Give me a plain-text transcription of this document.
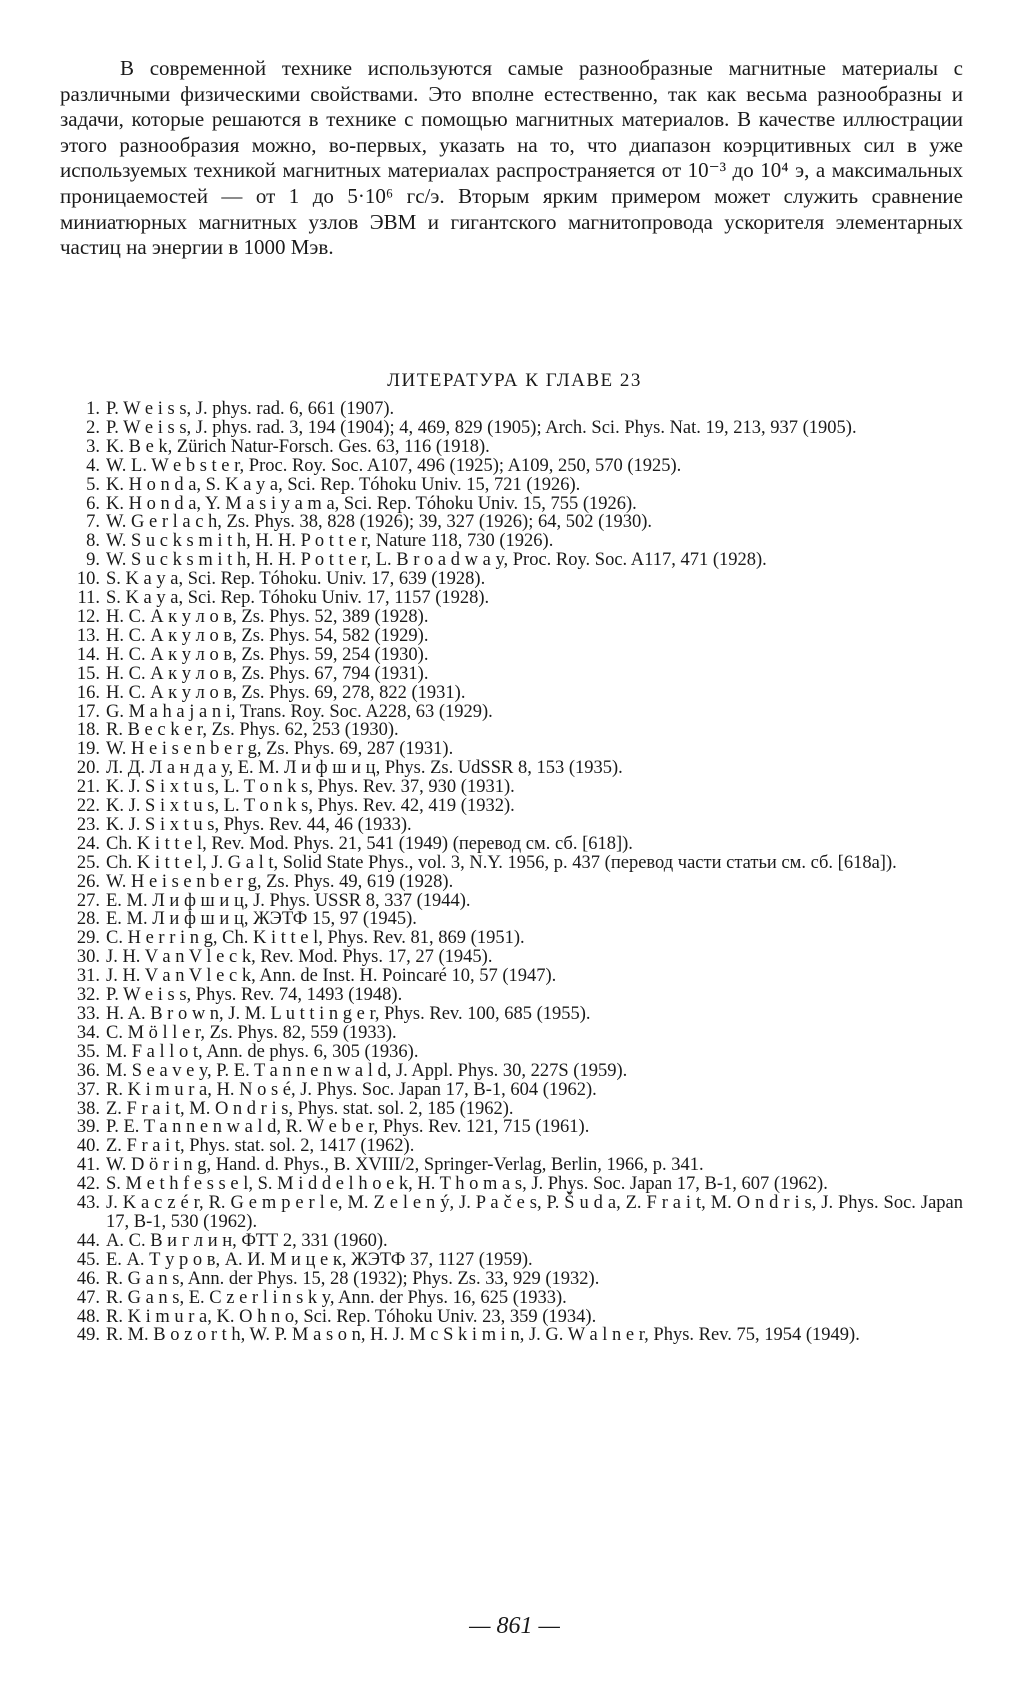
В современной технике используются самые разнообразные магнитные материалы с различными физическими свойствами. Это вполне естественно, так как весьма разнообразны и задачи, которые решаются в технике с помощью магнитных материалов. В качестве иллюстрации этого разнообразия можно, во-первых, указать на то, что диапазон коэрцитивных сил в уже используемых техникой магнитных материалах распространяется от 10⁻³ до 10⁴ э, а максимальных проницаемостей — от 1 до 5·10⁶ гс/э. Вторым ярким примером может служить сравнение миниатюрных магнитных узлов ЭВМ и гигантского магнитопровода ускорителя элементарных частиц на энергии в 1000 Мэв.

ЛИТЕРАТУРА К ГЛАВЕ 23
1. P. W e i s s, J. phys. rad. 6, 661 (1907).
2. P. W e i s s, J. phys. rad. 3, 194 (1904); 4, 469, 829 (1905); Arch. Sci. Phys. Nat. 19, 213, 937 (1905).
3. K. B e k, Zürich Natur-Forsch. Ges. 63, 116 (1918).
4. W. L. W e b s t e r, Proc. Roy. Soc. A107, 496 (1925); A109, 250, 570 (1925).
5. K. H o n d a, S. K a y a, Sci. Rep. Tóhoku Univ. 15, 721 (1926).
6. K. H o n d a, Y. M a s i y a m a, Sci. Rep. Tóhoku Univ. 15, 755 (1926).
7. W. G e r l a c h, Zs. Phys. 38, 828 (1926); 39, 327 (1926); 64, 502 (1930).
8. W. S u c k s m i t h, H. H. P o t t e r, Nature 118, 730 (1926).
9. W. S u c k s m i t h, H. H. P o t t e r, L. B r o a d w a y, Proc. Roy. Soc. A117, 471 (1928).
10. S. K a y a, Sci. Rep. Tóhoku. Univ. 17, 639 (1928).
11. S. K a y a, Sci. Rep. Tóhoku Univ. 17, 1157 (1928).
12. Н. С. А к у л о в, Zs. Phys. 52, 389 (1928).
13. Н. С. А к у л о в, Zs. Phys. 54, 582 (1929).
14. Н. С. А к у л о в, Zs. Phys. 59, 254 (1930).
15. Н. С. А к у л о в, Zs. Phys. 67, 794 (1931).
16. Н. С. А к у л о в, Zs. Phys. 69, 278, 822 (1931).
17. G. M a h a j a n i, Trans. Roy. Soc. A228, 63 (1929).
18. R. B e c k e r, Zs. Phys. 62, 253 (1930).
19. W. H e i s e n b e r g, Zs. Phys. 69, 287 (1931).
20. Л. Д. Л а н д а у, Е. М. Л и ф ш и ц, Phys. Zs. UdSSR 8, 153 (1935).
21. K. J. S i x t u s, L. T o n k s, Phys. Rev. 37, 930 (1931).
22. K. J. S i x t u s, L. T o n k s, Phys. Rev. 42, 419 (1932).
23. K. J. S i x t u s, Phys. Rev. 44, 46 (1933).
24. Ch. K i t t e l, Rev. Mod. Phys. 21, 541 (1949) (перевод см. сб. [618]).
25. Ch. K i t t e l, J. G a l t, Solid State Phys., vol. 3, N.Y. 1956, p. 437 (перевод части статьи см. сб. [618a]).
26. W. H e i s e n b e r g, Zs. Phys. 49, 619 (1928).
27. Е. М. Л и ф ш и ц, J. Phys. USSR 8, 337 (1944).
28. Е. М. Л и ф ш и ц, ЖЭТФ 15, 97 (1945).
29. C. H e r r i n g, Ch. K i t t e l, Phys. Rev. 81, 869 (1951).
30. J. H. V a n V l e c k, Rev. Mod. Phys. 17, 27 (1945).
31. J. H. V a n V l e c k, Ann. de Inst. H. Poincaré 10, 57 (1947).
32. P. W e i s s, Phys. Rev. 74, 1493 (1948).
33. H. A. B r o w n, J. M. L u t t i n g e r, Phys. Rev. 100, 685 (1955).
34. C. M ö l l e r, Zs. Phys. 82, 559 (1933).
35. M. F a l l o t, Ann. de phys. 6, 305 (1936).
36. M. S e a v e y, P. E. T a n n e n w a l d, J. Appl. Phys. 30, 227S (1959).
37. R. K i m u r a, H. N o s é, J. Phys. Soc. Japan 17, B-1, 604 (1962).
38. Z. F r a i t, M. O n d r i s, Phys. stat. sol. 2, 185 (1962).
39. P. E. T a n n e n w a l d, R. W e b e r, Phys. Rev. 121, 715 (1961).
40. Z. F r a i t, Phys. stat. sol. 2, 1417 (1962).
41. W. D ö r i n g, Hand. d. Phys., B. XVIII/2, Springer-Verlag, Berlin, 1966, p. 341.
42. S. M e t h f e s s e l, S. M i d d e l h o e k, H. T h o m a s, J. Phys. Soc. Japan 17, B-1, 607 (1962).
43. J. K a c z é r, R. G e m p e r l e, M. Z e l e n ý, J. P a č e s, P. Š u d a, Z. F r a i t, M. O n d r i s, J. Phys. Soc. Japan 17, B-1, 530 (1962).
44. А. С. В и г л и н, ФТТ 2, 331 (1960).
45. Е. А. Т у р о в, А. И. М и ц е к, ЖЭТФ 37, 1127 (1959).
46. R. G a n s, Ann. der Phys. 15, 28 (1932); Phys. Zs. 33, 929 (1932).
47. R. G a n s, E. C z e r l i n s k y, Ann. der Phys. 16, 625 (1933).
48. R. K i m u r a, K. O h n o, Sci. Rep. Tóhoku Univ. 23, 359 (1934).
49. R. M. B o z o r t h, W. P. M a s o n, H. J. M c S k i m i n, J. G. W a l n e r, Phys. Rev. 75, 1954 (1949).
— 861 —
